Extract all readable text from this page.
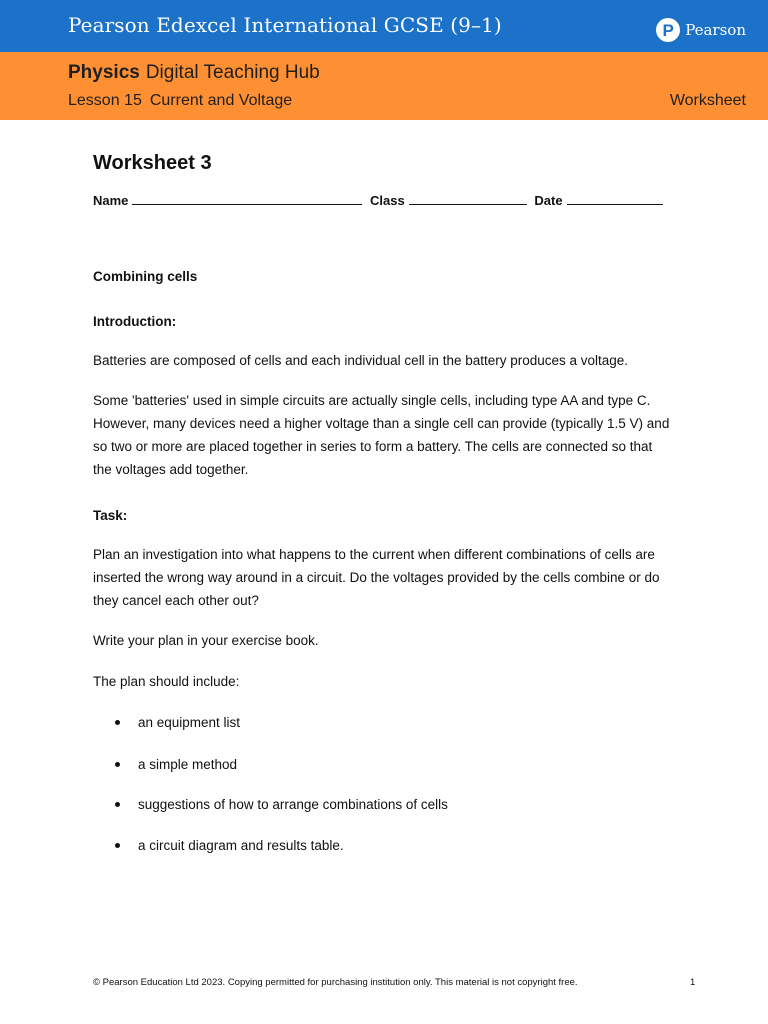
Pearson Edexcel International GCSE (9–1)	P Pearson
Physics Digital Teaching Hub
Lesson 15 Current and Voltage	Worksheet
Worksheet 3
Name	Class	Date

Combining cells

Introduction:

Batteries are composed of cells and each individual cell in the battery produces a voltage.

Some 'batteries' used in simple circuits are actually single cells, including type AA and type C. However, many devices need a higher voltage than a single cell can provide (typically 1.5 V) and so two or more are placed together in series to form a battery. The cells are connected so that the voltages add together.

Task:

Plan an investigation into what happens to the current when different combinations of cells are inserted the wrong way around in a circuit. Do the voltages provided by the cells combine or do they cancel each other out?

Write your plan in your exercise book.

The plan should include:

an equipment list
a simple method
suggestions of how to arrange combinations of cells
a circuit diagram and results table.
© Pearson Education Ltd 2023. Copying permitted for purchasing institution only. This material is not copyright free.	1
